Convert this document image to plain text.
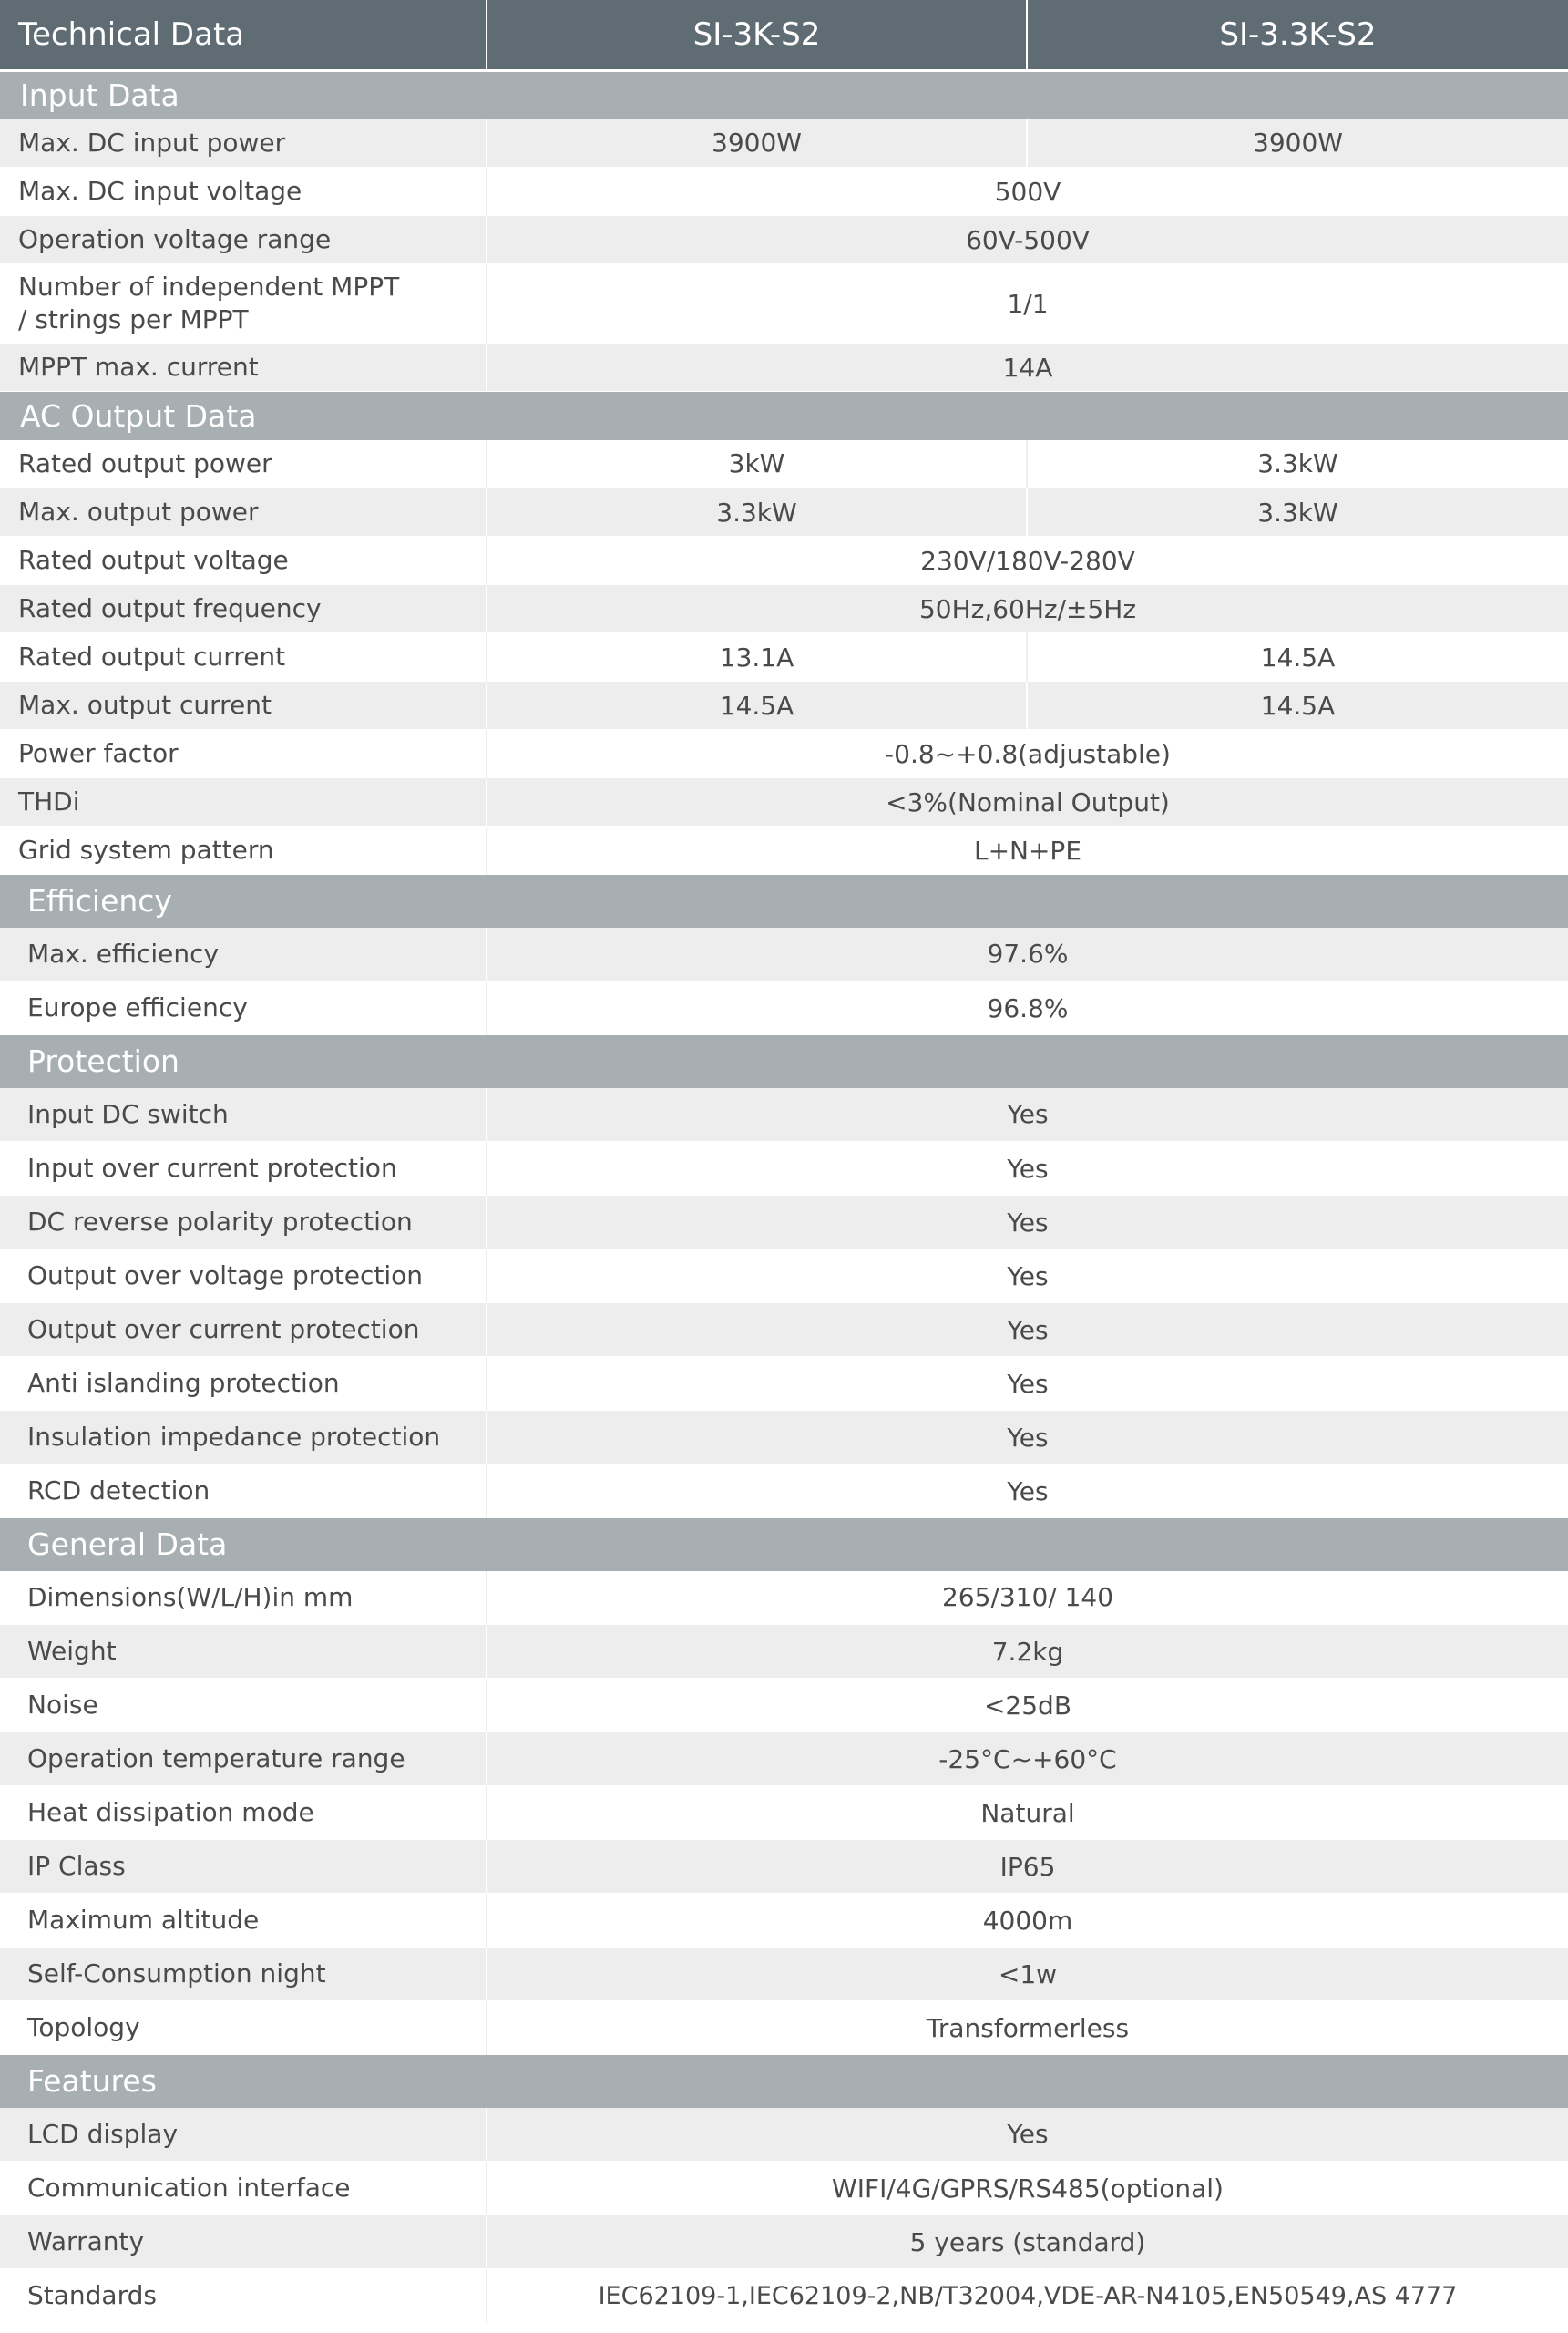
Technical Data	SI-3K-S2	SI-3.3K-S2
Input Data		
Max. DC input power	3900W	3900W
Max. DC input voltage	500V	
Operation voltage range	60V-500V	
Number of independent MPPT / strings per MPPT	1/1	
MPPT max. current	14A	
AC Output Data		
Rated output power	3kW	3.3kW
Max. output power	3.3kW	3.3kW
Rated output voltage	230V/180V-280V	
Rated output frequency	50Hz,60Hz/±5Hz	
Rated output current	13.1A	14.5A
Max. output current	14.5A	14.5A
Power factor	-0.8~+0.8(adjustable)	
THDi	<3%(Nominal Output)	
Grid system pattern	L+N+PE	
Efficiency		
Max. efficiency	97.6%	
Europe efficiency	96.8%	
Protection		
Input DC switch	Yes	
Input over current protection	Yes	
DC reverse polarity protection	Yes	
Output over voltage protection	Yes	
Output over current protection	Yes	
Anti islanding protection	Yes	
Insulation impedance protection	Yes	
RCD detection	Yes	
General Data		
Dimensions(W/L/H)in mm	265/310/ 140	
Weight	7.2kg	
Noise	<25dB	
Operation temperature range	-25°C~+60°C	
Heat dissipation mode	Natural	
IP Class	IP65	
Maximum altitude	4000m	
Self-Consumption night	<1w	
Topology	Transformerless	
Features		
LCD display	Yes	
Communication interface	WIFI/4G/GPRS/RS485(optional)	
Warranty	5 years (standard)	
Standards	IEC62109-1,IEC62109-2,NB/T32004,VDE-AR-N4105,EN50549,AS 4777	
